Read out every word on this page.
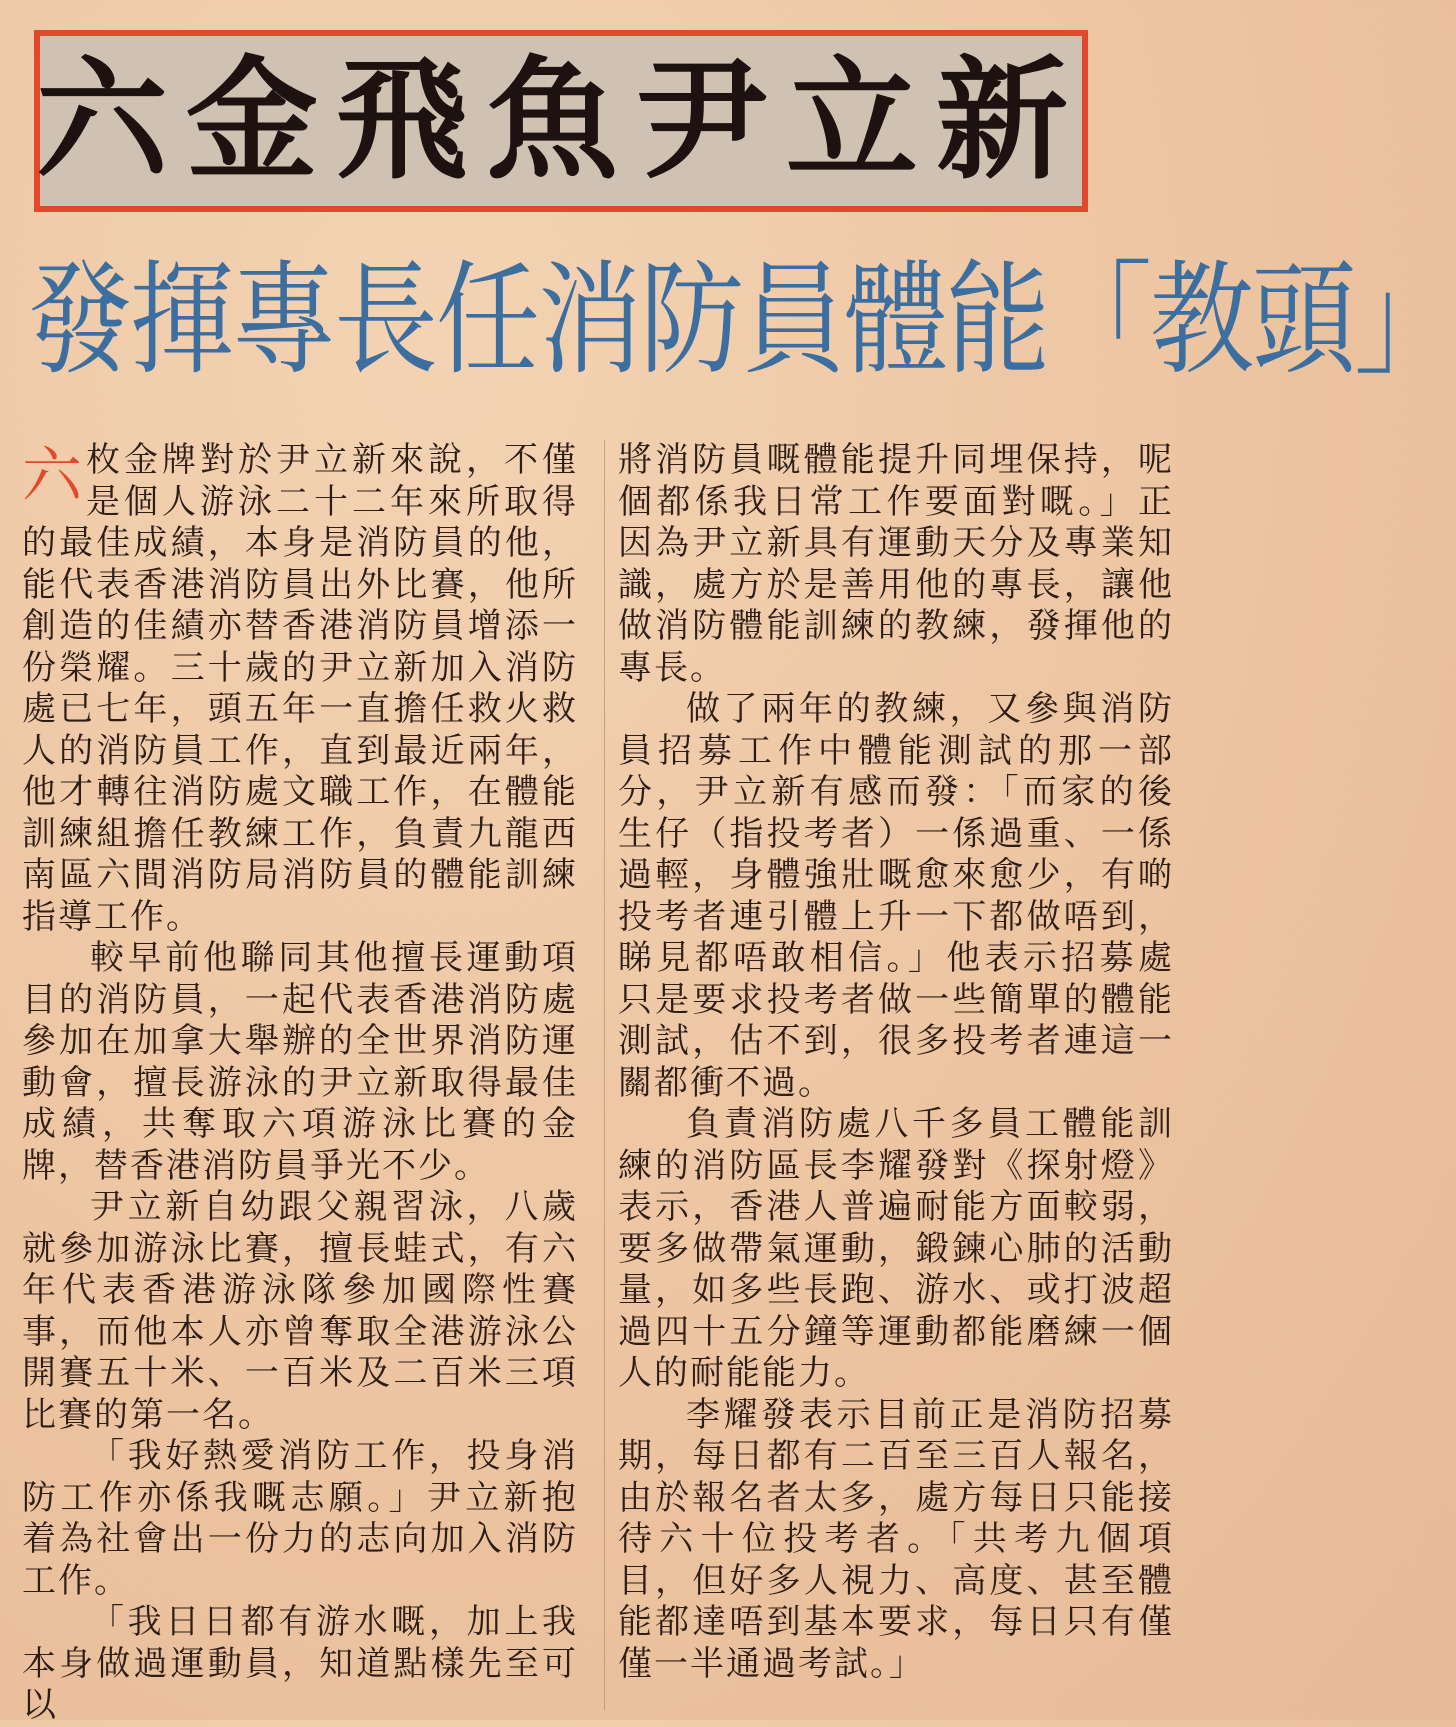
六金飛魚尹立新
發揮專長任消防員體能「教頭」
六 枚金牌對於尹立新來說，不僅是個人游泳二十二年來所取得的最佳成績，本身是消防員的他，能代表香港消防員出外比賽，他所創造的佳績亦替香港消防員增添一份榮耀。三十歲的尹立新加入消防處已七年，頭五年一直擔任救火救人的消防員工作，直到最近兩年，他才轉往消防處文職工作，在體能訓練組擔任教練工作，負責九龍西南區六間消防局消防員的體能訓練指導工作。

較早前他聯同其他擅長運動項目的消防員，一起代表香港消防處參加在加拿大舉辦的全世界消防運動會，擅長游泳的尹立新取得最佳成績，共奪取六項游泳比賽的金牌，替香港消防員爭光不少。

尹立新自幼跟父親習泳，八歲就參加游泳比賽，擅長蛙式，有六年代表香港游泳隊參加國際性賽事，而他本人亦曾奪取全港游泳公開賽五十米、一百米及二百米三項比賽的第一名。

「我好熱愛消防工作，投身消防工作亦係我嘅志願。」尹立新抱着為社會出一份力的志向加入消防工作。

「我日日都有游水嘅，加上我本身做過運動員，知道點樣先至可以

將消防員嘅體能提升同埋保持，呢個都係我日常工作要面對嘅。」正因為尹立新具有運動天分及專業知識，處方於是善用他的專長，讓他做消防體能訓練的教練，發揮他的專長。

做了兩年的教練，又參與消防員招募工作中體能測試的那一部分，尹立新有感而發：「而家的後生仔（指投考者）一係過重、一係過輕，身體強壯嘅愈來愈少，有啲投考者連引體上升一下都做唔到，睇見都唔敢相信。」他表示招募處只是要求投考者做一些簡單的體能測試，估不到，很多投考者連這一關都衝不過。

負責消防處八千多員工體能訓練的消防區長李耀發對《探射燈》表示，香港人普遍耐能方面較弱，要多做帶氣運動，鍛鍊心肺的活動量，如多些長跑、游水、或打波超過四十五分鐘等運動都能磨練一個人的耐能能力。

李耀發表示目前正是消防招募期，每日都有二百至三百人報名，由於報名者太多，處方每日只能接待六十位投考者。「共考九個項目，但好多人視力、高度、甚至體能都達唔到基本要求，每日只有僅僅一半通過考試。」
